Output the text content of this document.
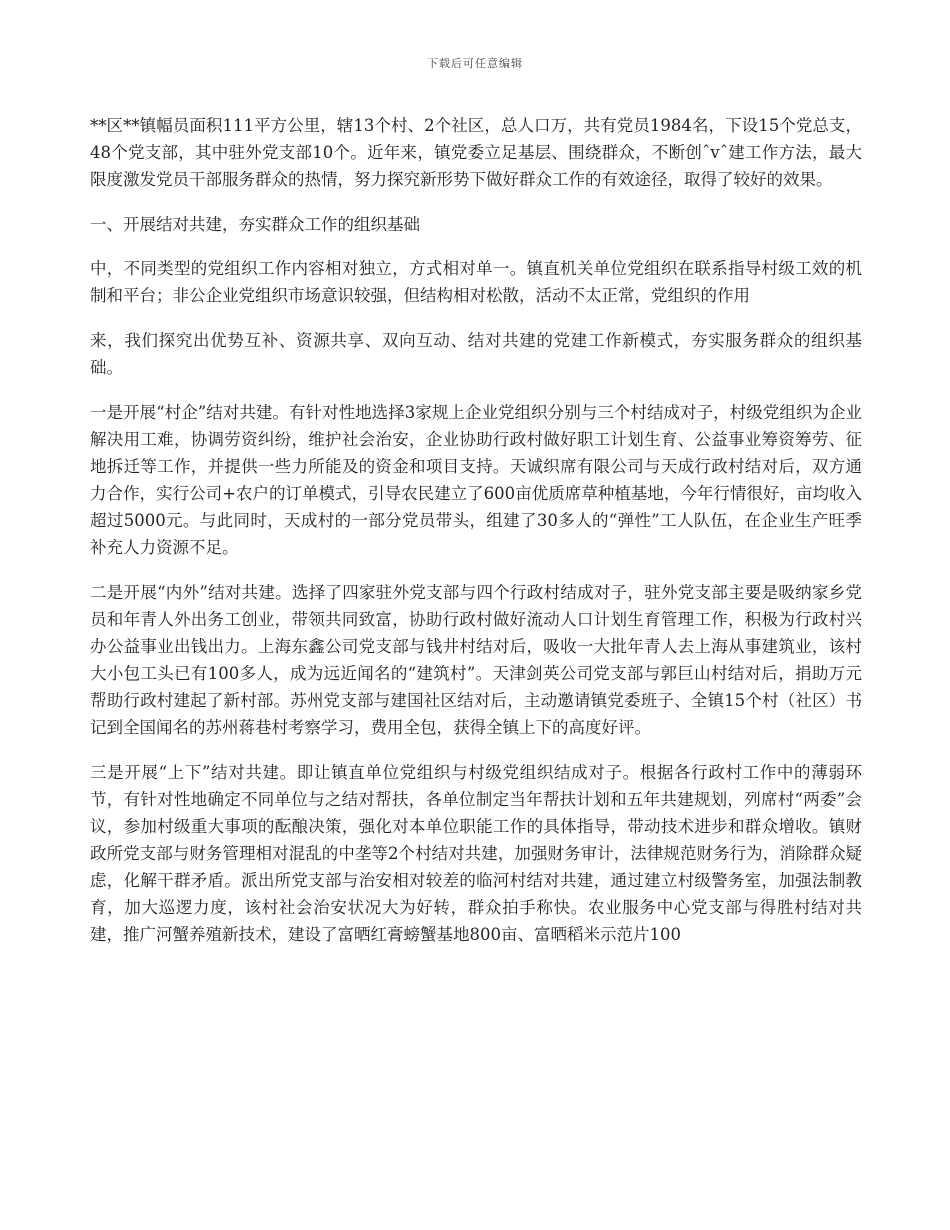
下载后可任意编辑

**区**镇幅员面积111平方公里，辖13个村、2个社区，总人口万，共有党员1984名，下设15个党总支，48个党支部，其中驻外党支部10个。近年来，镇党委立足基层、围绕群众，不断创ˆvˆ建工作方法，最大限度激发党员干部服务群众的热情，努力探究新形势下做好群众工作的有效途径，取得了较好的效果。

一、开展结对共建，夯实群众工作的组织基础

中，不同类型的党组织工作内容相对独立，方式相对单一。镇直机关单位党组织在联系指导村级工效的机制和平台；非公企业党组织市场意识较强，但结构相对松散，活动不太正常，党组织的作用

来，我们探究出优势互补、资源共享、双向互动、结对共建的党建工作新模式，夯实服务群众的组织基础。

一是开展“村企”结对共建。有针对性地选择3家规上企业党组织分别与三个村结成对子，村级党组织为企业解决用工难，协调劳资纠纷，维护社会治安，企业协助行政村做好职工计划生育、公益事业筹资筹劳、征地拆迁等工作，并提供一些力所能及的资金和项目支持。天诚织席有限公司与天成行政村结对后，双方通力合作，实行公司+农户的订单模式，引导农民建立了600亩优质席草种植基地，今年行情很好，亩均收入超过5000元。与此同时，天成村的一部分党员带头，组建了30多人的“弹性”工人队伍，在企业生产旺季补充人力资源不足。

二是开展“内外”结对共建。选择了四家驻外党支部与四个行政村结成对子，驻外党支部主要是吸纳家乡党员和年青人外出务工创业，带领共同致富，协助行政村做好流动人口计划生育管理工作，积极为行政村兴办公益事业出钱出力。上海东鑫公司党支部与钱井村结对后，吸收一大批年青人去上海从事建筑业，该村大小包工头已有100多人，成为远近闻名的“建筑村”。天津剑英公司党支部与郭巨山村结对后，捐助万元帮助行政村建起了新村部。苏州党支部与建国社区结对后，主动邀请镇党委班子、全镇15个村（社区）书记到全国闻名的苏州蒋巷村考察学习，费用全包，获得全镇上下的高度好评。

三是开展“上下”结对共建。即让镇直单位党组织与村级党组织结成对子。根据各行政村工作中的薄弱环节，有针对性地确定不同单位与之结对帮扶，各单位制定当年帮扶计划和五年共建规划，列席村“两委”会议，参加村级重大事项的酝酿决策，强化对本单位职能工作的具体指导，带动技术进步和群众增收。镇财政所党支部与财务管理相对混乱的中垄等2个村结对共建，加强财务审计，法律规范财务行为，消除群众疑虑，化解干群矛盾。派出所党支部与治安相对较差的临河村结对共建，通过建立村级警务室，加强法制教育，加大巡逻力度，该村社会治安状况大为好转，群众拍手称快。农业服务中心党支部与得胜村结对共建，推广河蟹养殖新技术，建设了富晒红膏螃蟹基地800亩、富晒稻米示范片100
